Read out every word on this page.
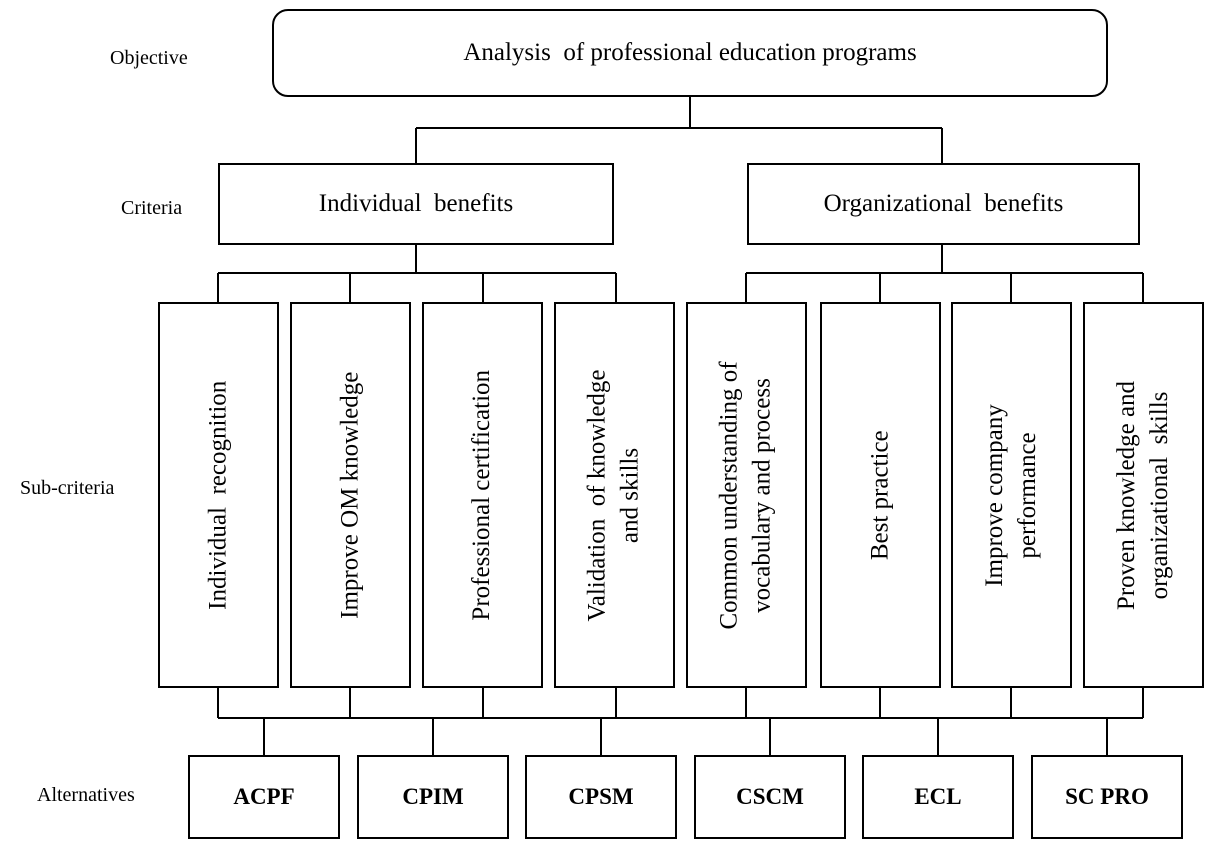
Objective
Criteria
Sub-criteria
Alternatives
Analysis  of professional education programs
Individual  benefits	Organizational  benefits
Individual  recognition	Improve OM knowledge	Professional certification	Validation  of knowledge and skills	Common understanding of vocabulary and process	Best practice	Improve company performance	Proven knowledge and organizational  skills
ACPF	CPIM	CPSM	CSCM	ECL	SC PRO
